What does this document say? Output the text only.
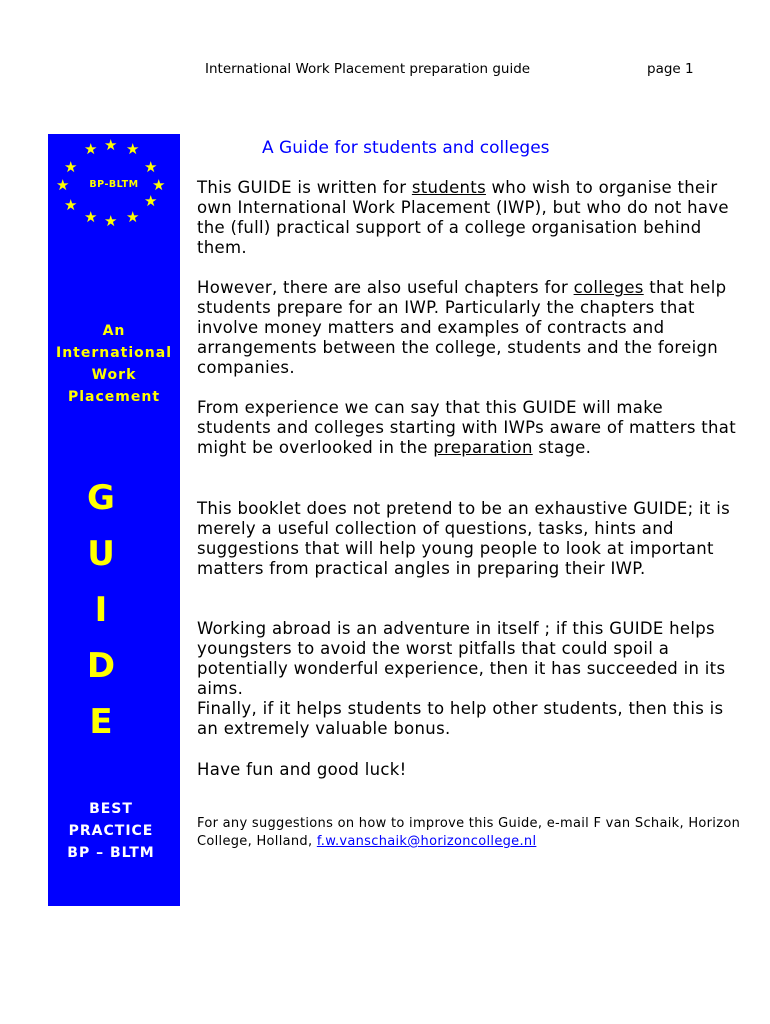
International Work Placement preparation guide	page 1
★ ★ ★
★	★
★	★
★	★
★ ★ ★
BP-BLTM
An
International
Work
Placement
G
U
I
D
E
BEST
PRACTICE
BP – BLTM
A Guide for students and colleges

This GUIDE is written for students who wish to organise their own International Work Placement (IWP), but who do not have the (full) practical support of a college organisation behind them.

However, there are also useful chapters for colleges that help students prepare for an IWP. Particularly the chapters that involve money matters and examples of contracts and arrangements between the college, students and the foreign companies.

From experience we can say that this GUIDE will make students and colleges starting with IWPs aware of matters that might be overlooked in the preparation stage.

This booklet does not pretend to be an exhaustive GUIDE; it is merely a useful collection of questions, tasks, hints and suggestions that will help young people to look at important matters from practical angles in preparing their IWP.

Working abroad is an adventure in itself ; if this GUIDE helps youngsters to avoid the worst pitfalls that could spoil a potentially wonderful experience, then it has succeeded in its aims.

Finally, if it helps students to help other students, then this is an extremely valuable bonus.

Have fun and good luck!

For any suggestions on how to improve this Guide, e-mail F van Schaik, Horizon College, Holland, f.w.vanschaik@horizoncollege.nl
